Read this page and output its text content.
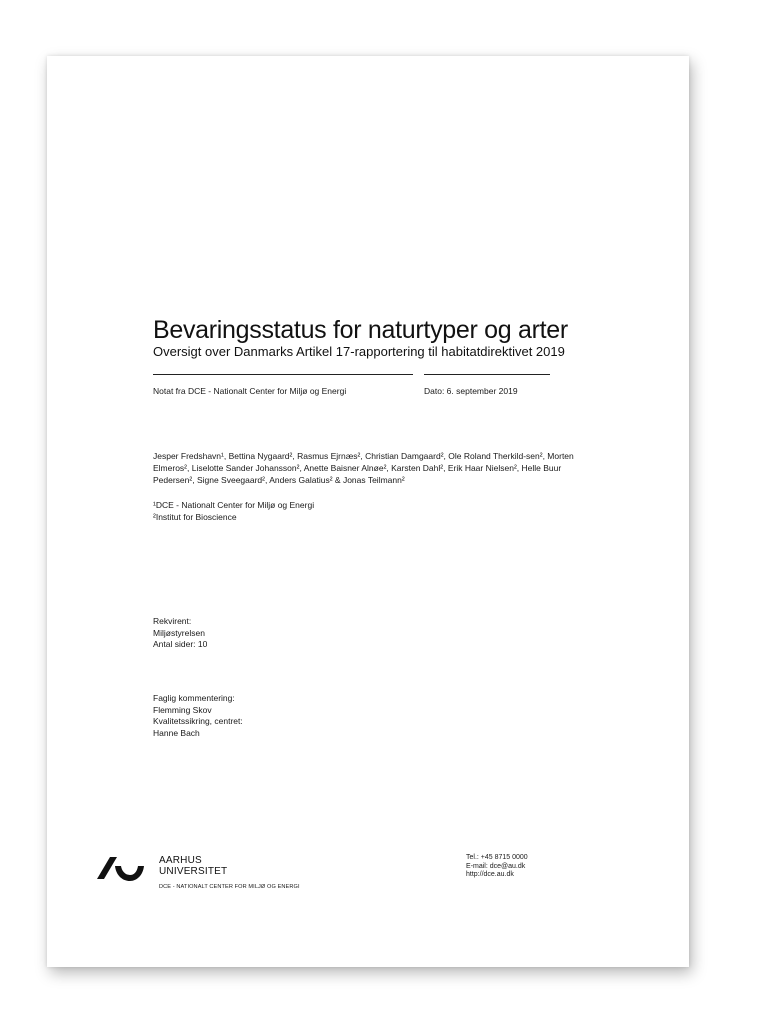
Bevaringsstatus for naturtyper og arter

Oversigt over Danmarks Artikel 17-rapportering til habitatdirektivet 2019

Notat fra DCE - Nationalt Center for Miljø og Energi	Dato: 6. september 2019
Jesper Fredshavn¹, Bettina Nygaard², Rasmus Ejrnæs², Christian Damgaard², Ole Roland Therkild-sen², Morten Elmeros², Liselotte Sander Johansson², Anette Baisner Alnøe², Karsten Dahl², Erik Haar Nielsen², Helle Buur Pedersen², Signe Sveegaard², Anders Galatius² & Jonas Teilmann²
¹DCE - Nationalt Center for Miljø og Energi
²Institut for Bioscience
Rekvirent:
Miljøstyrelsen
Antal sider: 10
Faglig kommentering:
Flemming Skov
Kvalitetssikring, centret:
Hanne Bach
AARHUS
UNIVERSITET
DCE - NATIONALT CENTER FOR MILJØ OG ENERGI
Tel.: +45 8715 0000
E-mail: dce@au.dk
http://dce.au.dk
